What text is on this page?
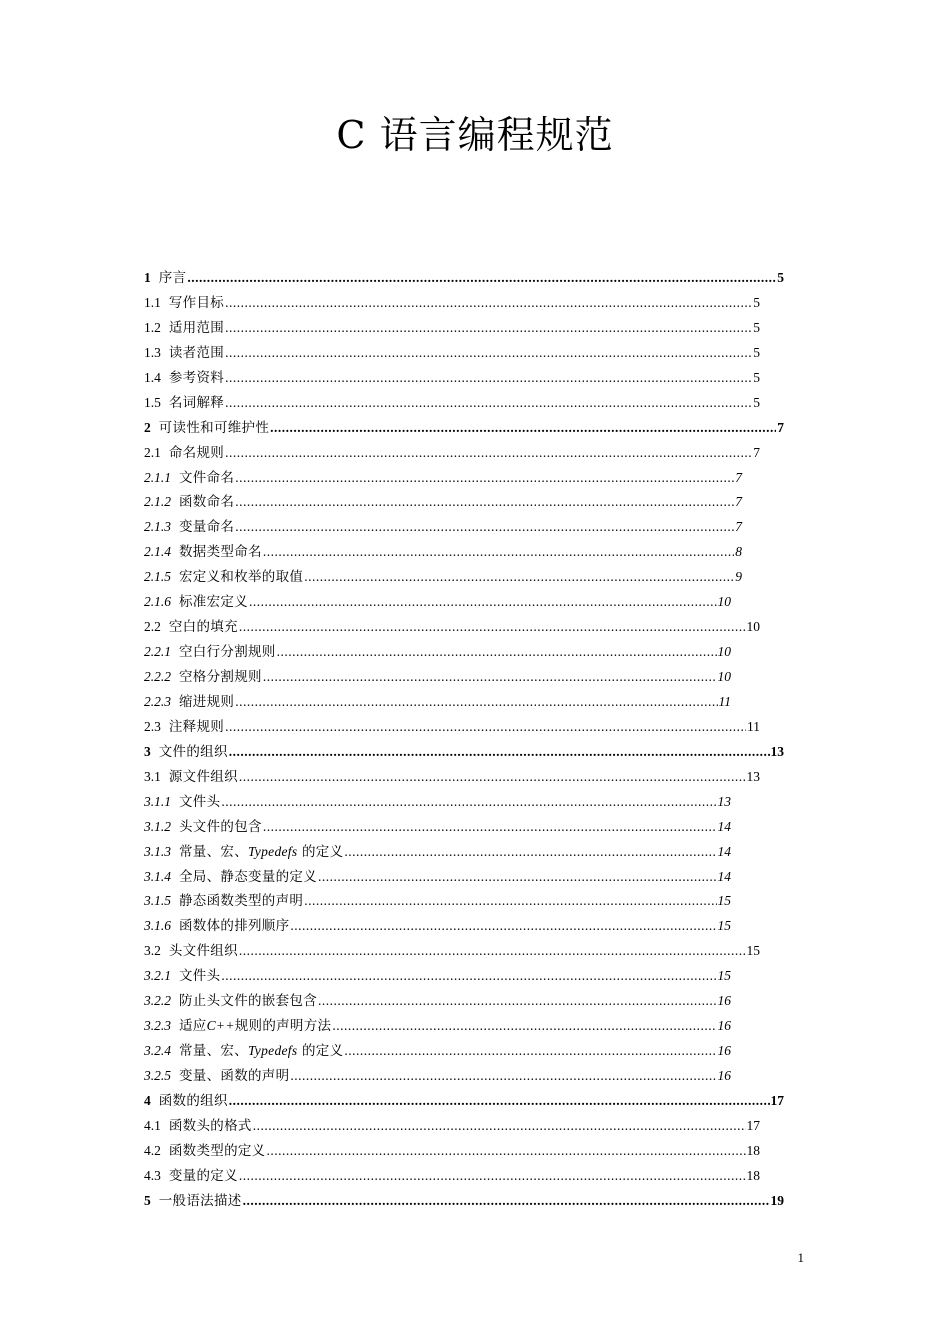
C 语言编程规范
1 序言 .....	5
1.1 写作目标 .....	5
1.2 适用范围 .....	5
1.3 读者范围 .....	5
1.4 参考资料 .....	5
1.5 名词解释 .....	5
2 可读性和可维护性 .....	7
2.1 命名规则 .....	7
2.1.1 文件命名 .....	7
2.1.2 函数命名 .....	7
2.1.3 变量命名 .....	7
2.1.4 数据类型命名 .....	8
2.1.5 宏定义和枚举的取值 .....	9
2.1.6 标准宏定义 .....	10
2.2 空白的填充 .....	10
2.2.1 空白行分割规则 .....	10
2.2.2 空格分割规则 .....	10
2.2.3 缩进规则 .....	11
2.3 注释规则 .....	11
3 文件的组织 .....	13
3.1 源文件组织 .....	13
3.1.1 文件头 .....	13
3.1.2 头文件的包含 .....	14
3.1.3 常量、宏、Typedefs 的定义 .....	14
3.1.4 全局、静态变量的定义 .....	14
3.1.5 静态函数类型的声明 .....	15
3.1.6 函数体的排列顺序 .....	15
3.2 头文件组织 .....	15
3.2.1 文件头 .....	15
3.2.2 防止头文件的嵌套包含 .....	16
3.2.3 适应C++规则的声明方法 .....	16
3.2.4 常量、宏、Typedefs 的定义 .....	16
3.2.5 变量、函数的声明 .....	16
4 函数的组织 .....	17
4.1 函数头的格式 .....	17
4.2 函数类型的定义 .....	18
4.3 变量的定义 .....	18
5 一般语法描述 .....	19
1
